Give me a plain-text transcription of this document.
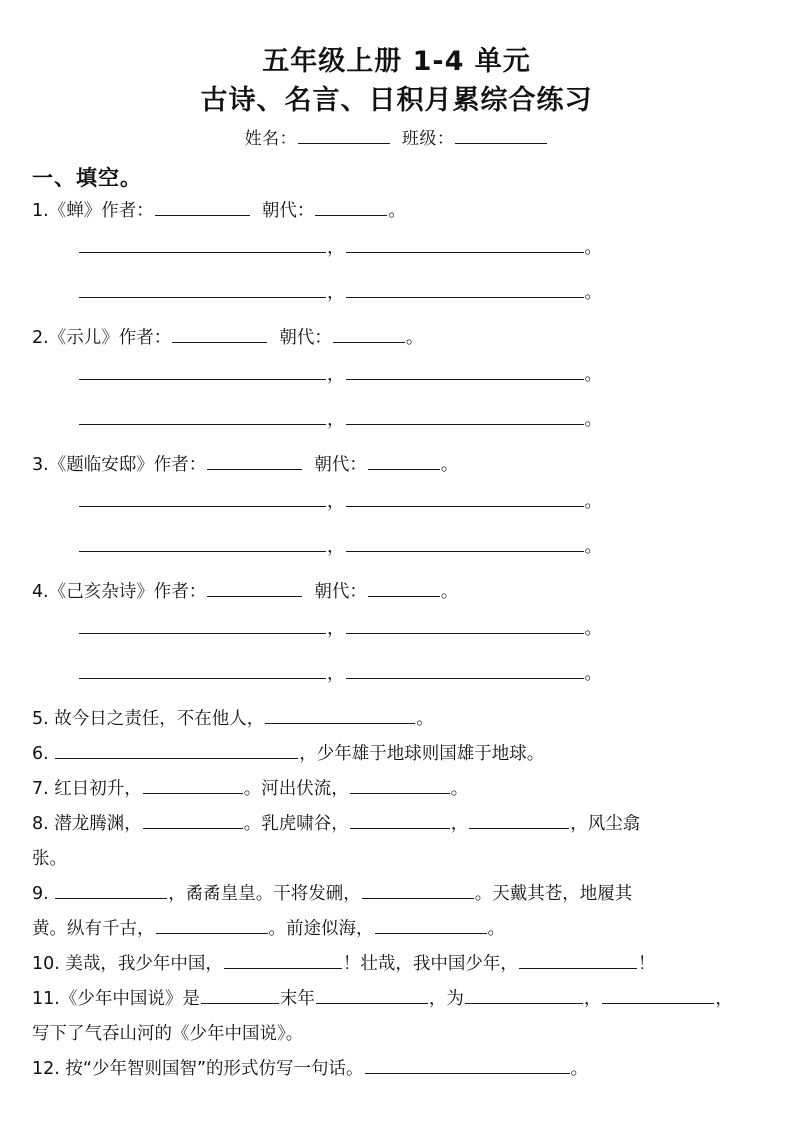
五年级上册 1-4 单元
古诗、名言、日积月累综合练习
姓名：	班级：
一、填空。
1.《蝉》作者：	朝代：	。
，	。
，	。
2.《示儿》作者：	朝代：	。
，	。
，	。
3.《题临安邸》作者：	朝代：	。
，	。
，	。
4.《己亥杂诗》作者：	朝代：	。
，	。
，	。
5. 故今日之责任，不在他人，	。
6.	，少年雄于地球则国雄于地球。
7. 红日初升，	。河出伏流，	。
8. 潜龙腾渊，	。乳虎啸谷，	，	，风尘翕
张。
9.	，矞矞皇皇。干将发硎，	。天戴其苍，地履其
黄。纵有千古，	。前途似海，	。
10. 美哉，我少年中国，	！壮哉，我中国少年，	！
11.《少年中国说》是	末年	，为	，	，
写下了气吞山河的《少年中国说》。
12. 按“少年智则国智”的形式仿写一句话。	。
